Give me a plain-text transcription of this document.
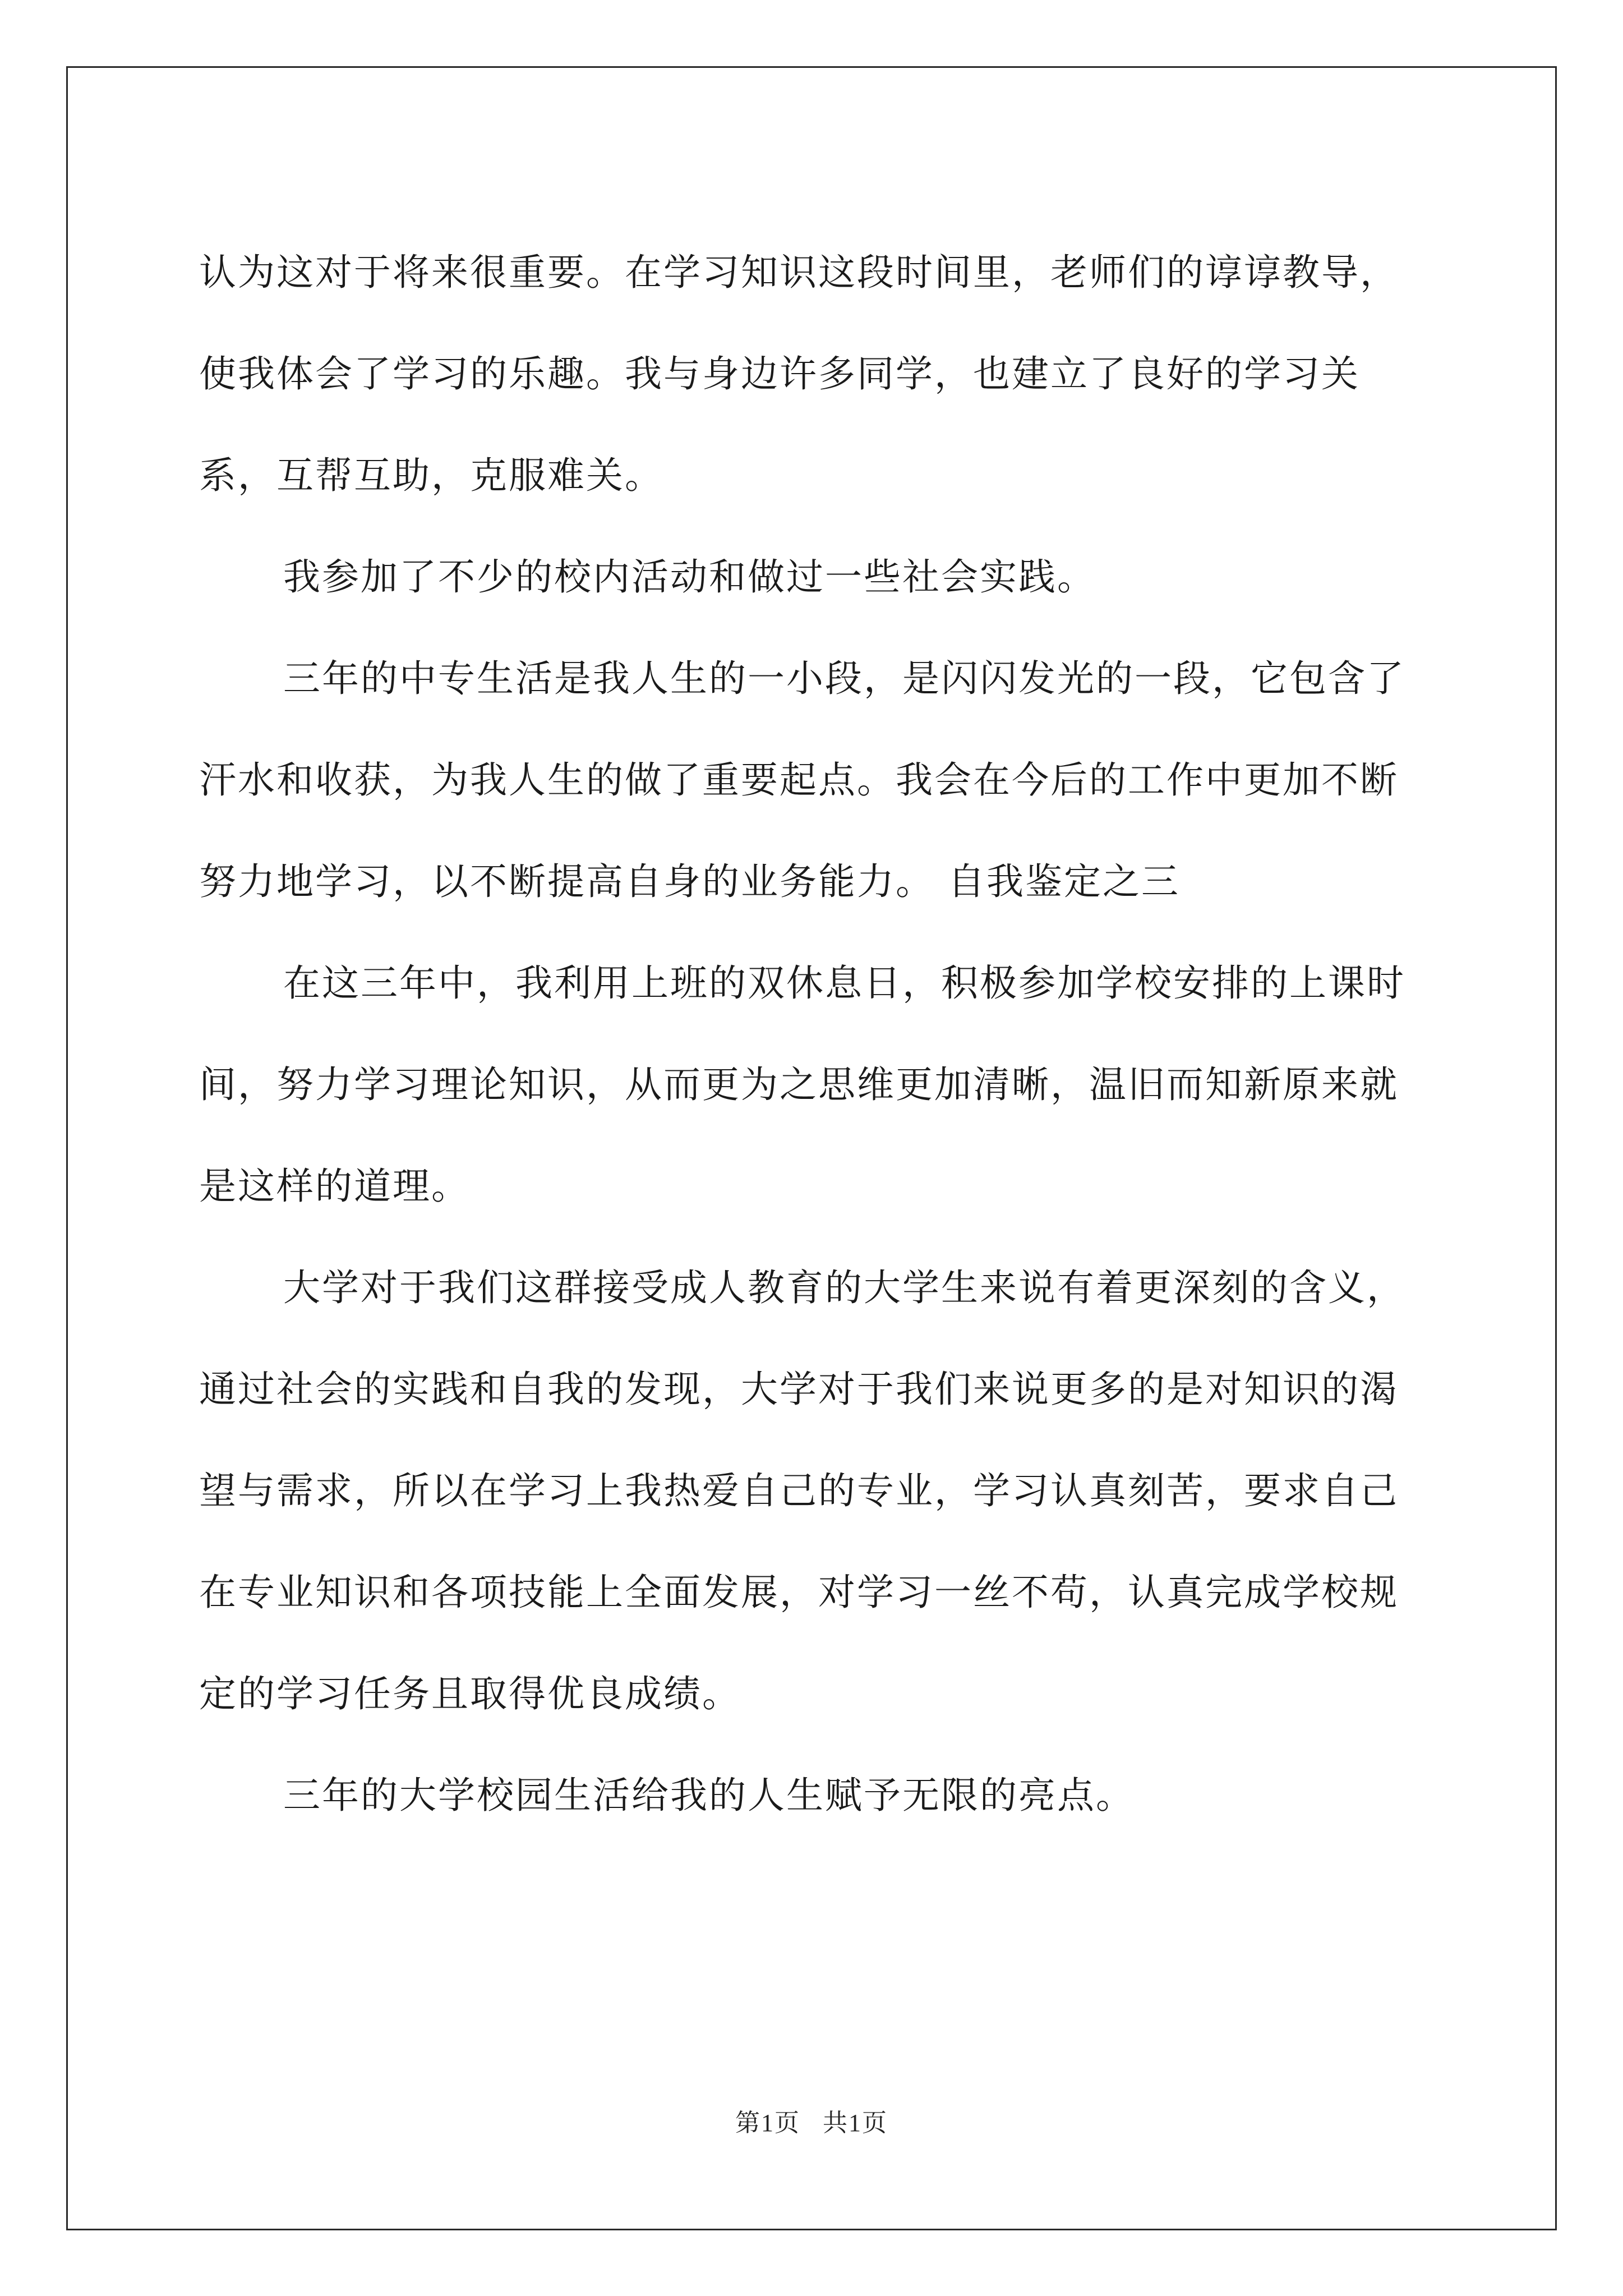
认为这对于将来很重要。在学习知识这段时间里，老师们的谆谆教导，使我体会了学习的乐趣。我与身边许多同学，也建立了良好的学习关系，互帮互助，克服难关。

我参加了不少的校内活动和做过一些社会实践。

三年的中专生活是我人生的一小段，是闪闪发光的一段，它包含了汗水和收获，为我人生的做了重要起点。我会在今后的工作中更加不断努力地学习，以不断提高自身的业务能力。 自我鉴定之三

在这三年中，我利用上班的双休息日，积极参加学校安排的上课时间，努力学习理论知识，从而更为之思维更加清晰，温旧而知新原来就是这样的道理。

大学对于我们这群接受成人教育的大学生来说有着更深刻的含义，通过社会的实践和自我的发现，大学对于我们来说更多的是对知识的渴望与需求，所以在学习上我热爱自己的专业，学习认真刻苦，要求自己在专业知识和各项技能上全面发展，对学习一丝不苟，认真完成学校规定的学习任务且取得优良成绩。

三年的大学校园生活给我的人生赋予无限的亮点。

第1页 共1页
